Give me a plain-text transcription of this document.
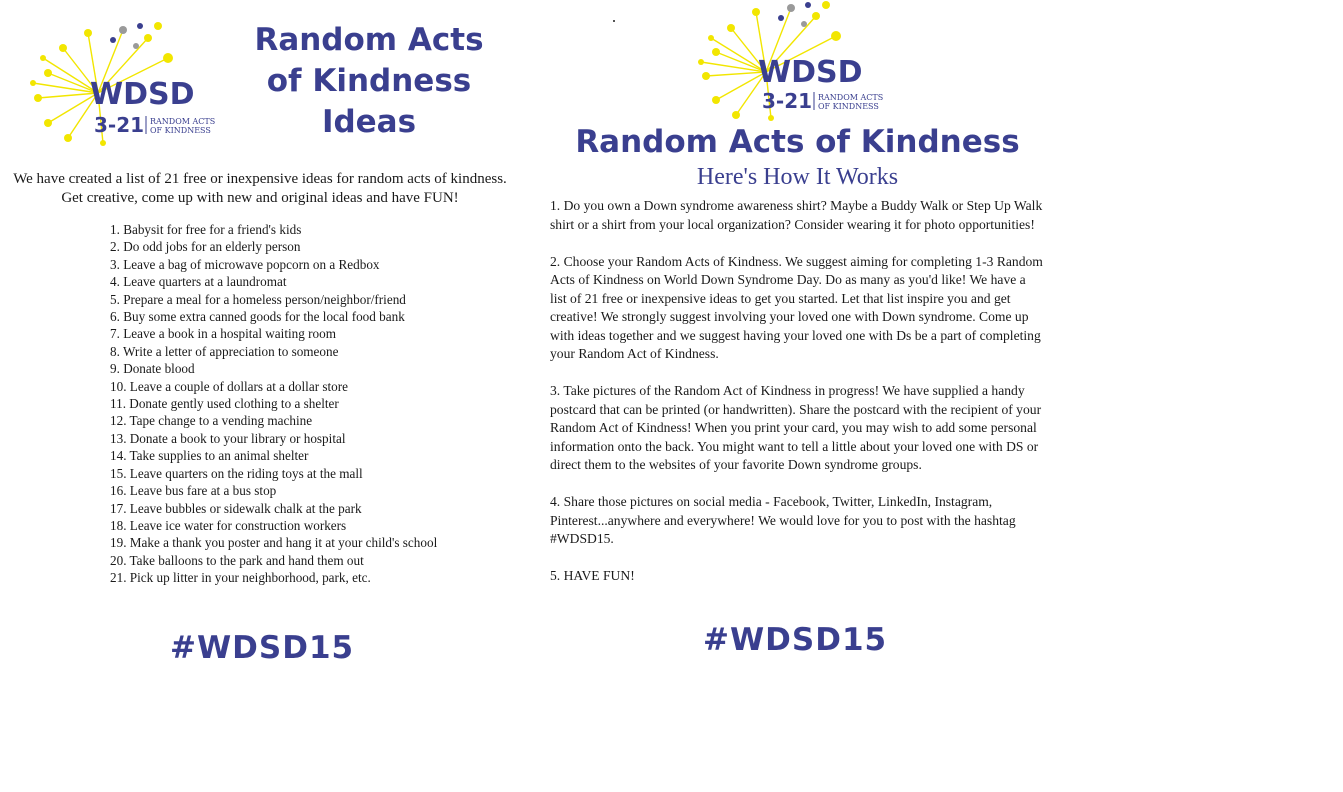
WDSD
3-21 RANDOM ACTS
OF KINDNESS
Random Acts
of Kindness
Ideas
We have created a list of 21 free or inexpensive ideas for random acts of kindness.
Get creative, come up with new and original ideas and have FUN!
1. Babysit for free for a friend's kids
2. Do odd jobs for an elderly person
3. Leave a bag of microwave popcorn on a Redbox
4. Leave quarters at a laundromat
5. Prepare a meal for a homeless person/neighbor/friend
6. Buy some extra canned goods for the local food bank
7. Leave a book in a hospital waiting room
8. Write a letter of appreciation to someone
9. Donate blood
10. Leave a couple of dollars at a dollar store
11. Donate gently used clothing to a shelter
12. Tape change to a vending machine
13. Donate a book to your library or hospital
14. Take supplies to an animal shelter
15. Leave quarters on the riding toys at the mall
16. Leave bus fare at a bus stop
17. Leave bubbles or sidewalk chalk at the park
18. Leave ice water for construction workers
19. Make a thank you poster and hang it at your child's school
20. Take balloons to the park and hand them out
21. Pick up litter in your neighborhood, park, etc.
#WDSD15
WDSD
3-21 RANDOM ACTS
OF KINDNESS
Random Acts of Kindness
Here's How It Works

1. Do you own a Down syndrome awareness shirt? Maybe a Buddy Walk or Step Up Walk shirt or a shirt from your local organization? Consider wearing it for photo opportunities!

2. Choose your Random Acts of Kindness. We suggest aiming for completing 1-3 Random Acts of Kindness on World Down Syndrome Day. Do as many as you'd like! We have a list of 21 free or inexpensive ideas to get you started. Let that list inspire you and get creative! We strongly suggest involving your loved one with Down syndrome. Come up with ideas together and we suggest having your loved one with Ds be a part of completing your Random Act of Kindness.

3. Take pictures of the Random Act of Kindness in progress! We have supplied a handy postcard that can be printed (or handwritten). Share the postcard with the recipient of your Random Act of Kindness! When you print your card, you may wish to add some personal information onto the back. You might want to tell a little about your loved one with DS or direct them to the websites of your favorite Down syndrome groups.

4. Share those pictures on social media - Facebook, Twitter, LinkedIn, Instagram, Pinterest...anywhere and everywhere! We would love for you to post with the hashtag #WDSD15.

5. HAVE FUN!

#WDSD15
